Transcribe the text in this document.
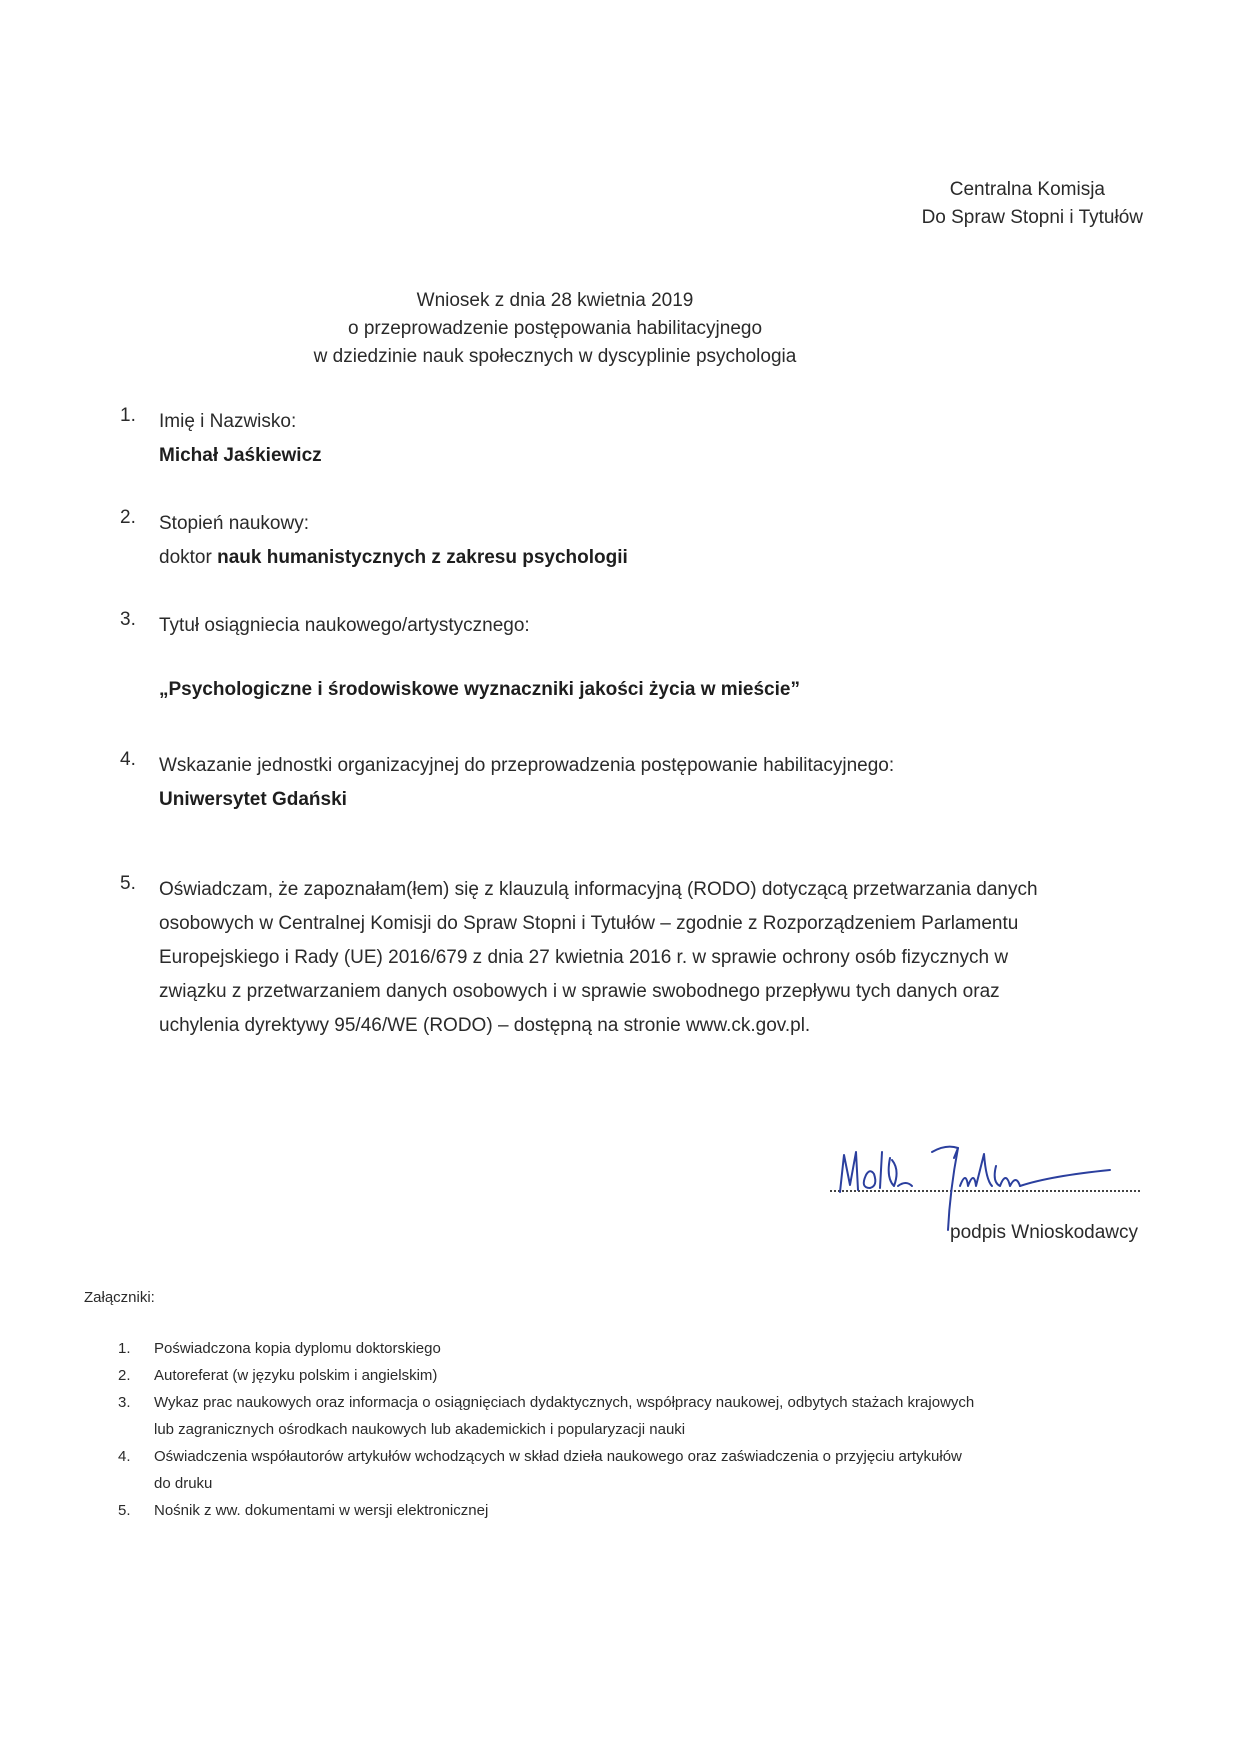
Centralna Komisja
Do Spraw Stopni i Tytułów
Wniosek z dnia 28 kwietnia 2019
o przeprowadzenie postępowania habilitacyjnego
w dziedzinie nauk społecznych w dyscyplinie psychologia
1.	Imię i Nazwisko:
Michał Jaśkiewicz
2.	Stopień naukowy:
doktor nauk humanistycznych z zakresu psychologii
3.	Tytuł osiągniecia naukowego/artystycznego:
„Psychologiczne i środowiskowe wyznaczniki jakości życia w mieście”
4.	Wskazanie jednostki organizacyjnej do przeprowadzenia postępowanie habilitacyjnego:
Uniwersytet Gdański
5.	Oświadczam, że zapoznałam(łem) się z klauzulą informacyjną (RODO) dotyczącą przetwarzania danych
osobowych w Centralnej Komisji do Spraw Stopni i Tytułów – zgodnie z Rozporządzeniem Parlamentu
Europejskiego i Rady (UE) 2016/679 z dnia 27 kwietnia 2016 r. w sprawie ochrony osób fizycznych w
związku z przetwarzaniem danych osobowych i w sprawie swobodnego przepływu tych danych oraz
uchylenia dyrektywy 95/46/WE (RODO) – dostępną na stronie www.ck.gov.pl.
podpis Wnioskodawcy
Załączniki:
1. Poświadczona kopia dyplomu doktorskiego
2. Autoreferat (w języku polskim i angielskim)
3. Wykaz prac naukowych oraz informacja o osiągnięciach dydaktycznych, współpracy naukowej, odbytych stażach krajowych
lub zagranicznych ośrodkach naukowych lub akademickich i popularyzacji nauki
4. Oświadczenia współautorów artykułów wchodzących w skład dzieła naukowego oraz zaświadczenia o przyjęciu artykułów
do druku
5. Nośnik z ww. dokumentami w wersji elektronicznej
